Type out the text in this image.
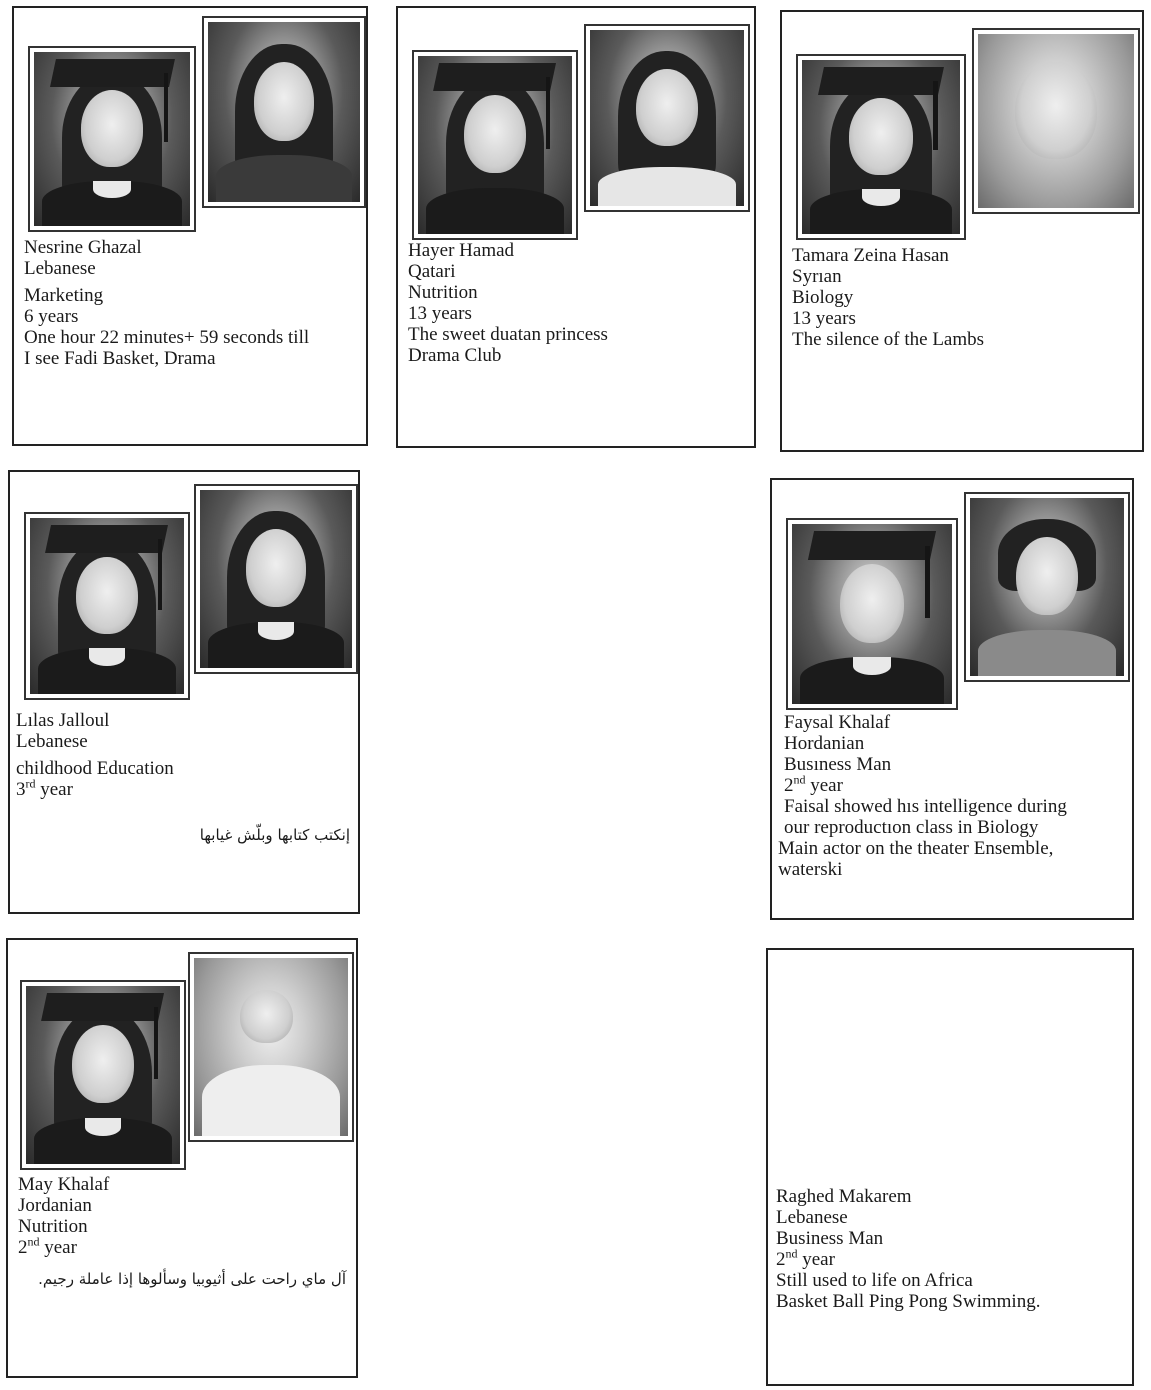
Nesrine Ghazal
Lebanese
Marketing
6 years
One hour 22 minutes+ 59 seconds till
I see Fadi Basket, Drama
Hayer Hamad
Qatari
Nutrition
13 years
The sweet duatan princess
Drama Club
Tamara Zeina Hasan
Syrıan
Biology
13 years
The silence of the Lambs
Lılas Jalloul
Lebanese
childhood Education
3rd year
إنكتب كتابها وبلّش غيابها
Faysal Khalaf
Hordanian
Busıness Man
2nd year
Faisal showed hıs intelligence during
our reproductıon class in Biology
Main actor on the theater Ensemble,
waterski
May Khalaf
Jordanian
Nutrition
2nd year
آل ماي راحت على أثيوبيا وسألوها إذا عاملة رجيم.
Raghed Makarem
Lebanese
Business Man
2nd year
Still used to life on Africa
Basket Ball Ping Pong Swimming.
